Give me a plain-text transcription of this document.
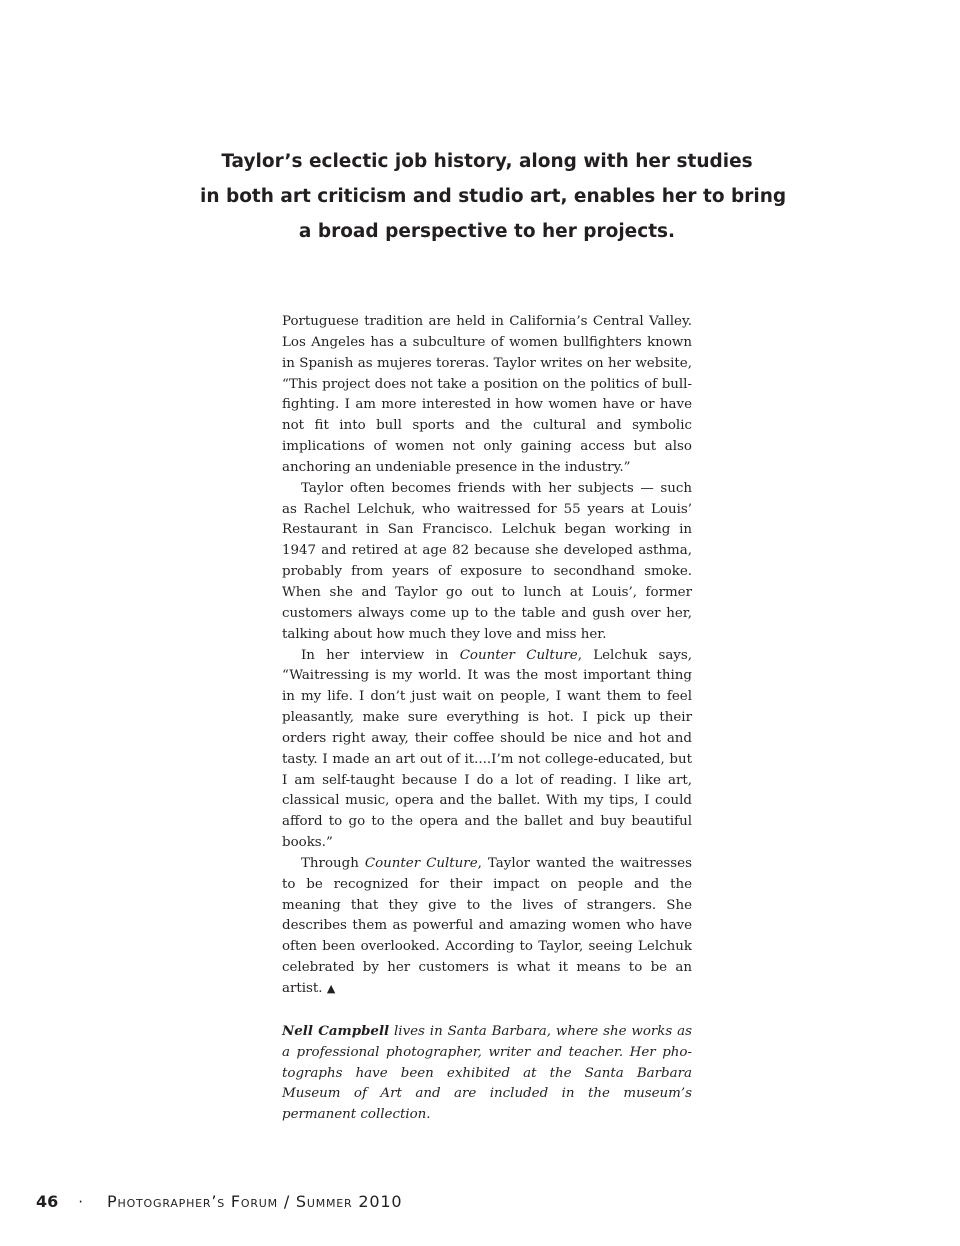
Taylor’s eclectic job history, along with her studies
in both art criticism and studio art, enables her to bring
a broad perspective to her projects.

Portuguese tradition are held in California’s Central Valley. Los Angeles has a subculture of women bullfighters known in Spanish as mujeres toreras. Taylor writes on her website, “This project does not take a position on the politics of bullfighting. I am more interested in how women have or have not fit into bull sports and the cultural and symbolic implications of women not only gaining access but also anchoring an undeniable presence in the industry.”

Taylor often becomes friends with her subjects — such as Rachel Lelchuk, who waitressed for 55 years at Louis’ Restaurant in San Francisco. Lelchuk began working in 1947 and retired at age 82 because she developed asthma, probably from years of exposure to secondhand smoke. When she and Taylor go out to lunch at Louis’, former customers always come up to the table and gush over her, talking about how much they love and miss her.

In her interview in Counter Culture, Lelchuk says, “Waitressing is my world. It was the most important thing in my life. I don’t just wait on people, I want them to feel pleasantly, make sure everything is hot. I pick up their orders right away, their coffee should be nice and hot and tasty. I made an art out of it....I’m not college-educated, but I am self-taught because I do a lot of reading. I like art, classical music, opera and the ballet. With my tips, I could afford to go to the opera and the ballet and buy beautiful books.”

Through Counter Culture, Taylor wanted the waitresses to be recognized for their impact on people and the meaning that they give to the lives of strangers. She describes them as powerful and amazing women who have often been overlooked. According to Taylor, seeing Lelchuk celebrated by her customers is what it means to be an artist. ▲

Nell Campbell lives in Santa Barbara, where she works as a professional photographer, writer and teacher. Her photographs have been exhibited at the Santa Barbara Museum of Art and are included in the museum’s permanent collection.

46 · Photographer’s Forum / Summer 2010
